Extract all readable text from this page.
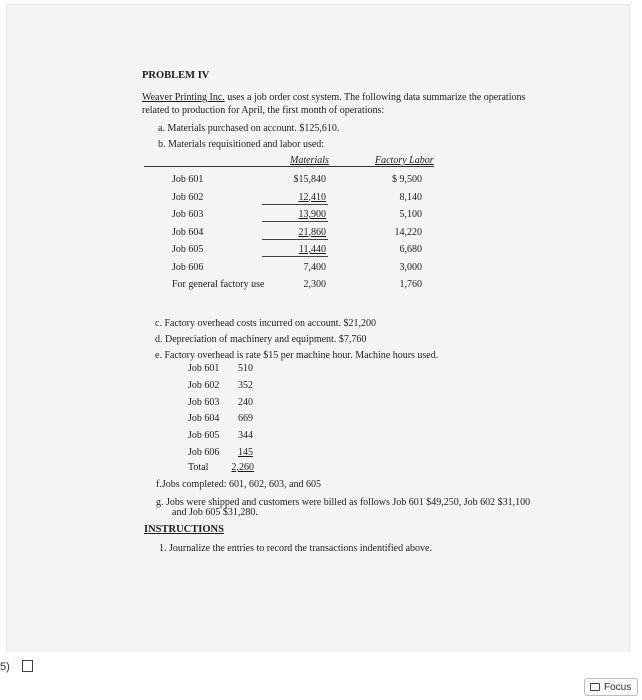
PROBLEM IV
Weaver Printing Inc. uses a job order cost system. The following data summarize the operations
related to production for April, the first month of operations:
a. Materials purchased on account. $125,610.
b. Materials requisitioned and labor used:
Materials	Factory Labor
Job 601	$15,840	$ 9,500
Job 602	12,410	8,140
Job 603	13,900	5,100
Job 604	21,860	14,220
Job 605	11,440	6,680
Job 606	7,400	3,000
For general factory use	2,300	1,760
c. Factory overhead costs incurred on account. $21,200
d. Depreciation of machinery and equipment. $7,760
e. Factory overhead is rate $15 per machine hour. Machine hours used.
Job 601 510
Job 602 352
Job 603 240
Job 604 669
Job 605 344
Job 606	145
Total	2,260
f.Jobs completed: 601, 602, 603, and 605
g. Jobs were shipped and customers were billed as follows Job 601 $49,250, Job 602 $31,100
and Job 605 $31,280.
INSTRUCTIONS
1. Journalize the entries to record the transactions indentified above.
5)
Focus
